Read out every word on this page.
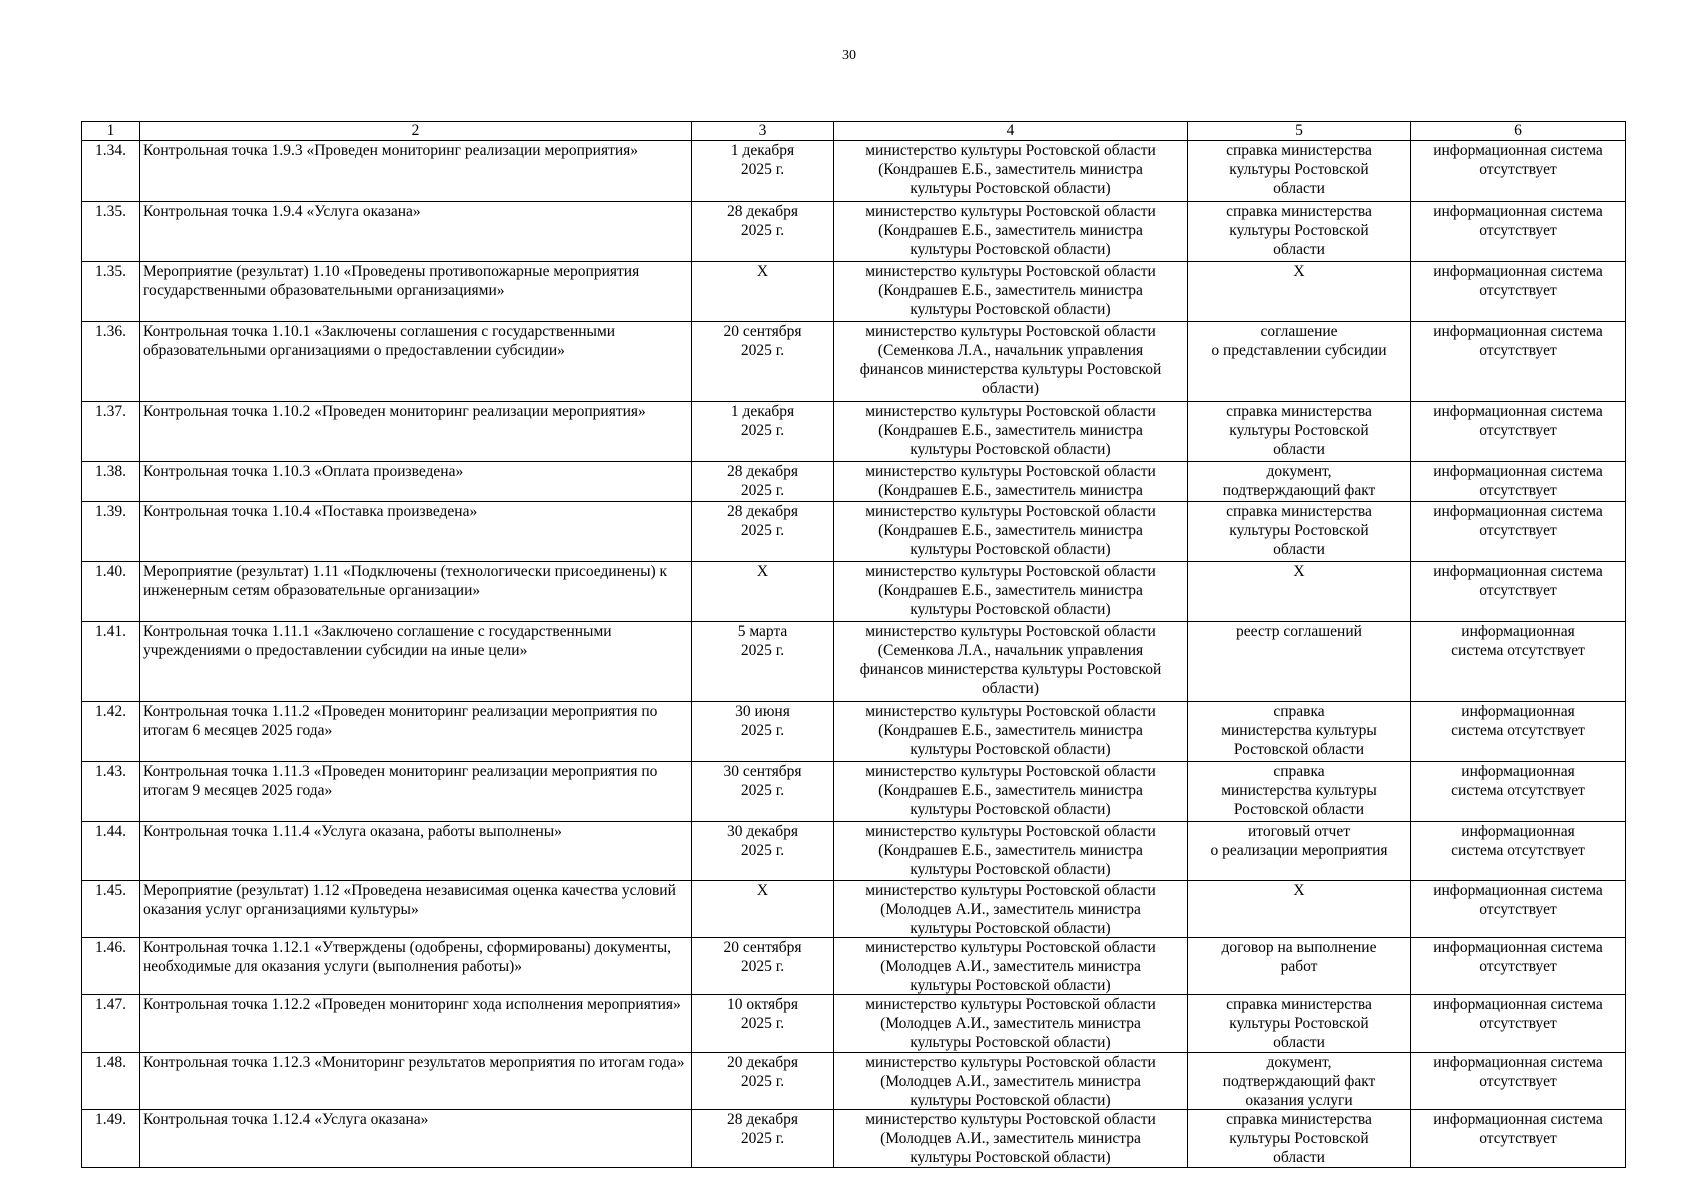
30
1	2	3	4	5	6

1.34.	Контрольная точка 1.9.3 «Проведен мониторинг реализации мероприятия»	1 декабря
2025 г.	министерство культуры Ростовской области
(Кондрашев Е.Б., заместитель министра
культуры Ростовской области)	справка министерства
культуры Ростовской
области	информационная система
отсутствует

1.35.	Контрольная точка 1.9.4 «Услуга оказана»	28 декабря
2025 г.	министерство культуры Ростовской области
(Кондрашев Е.Б., заместитель министра
культуры Ростовской области)	справка министерства
культуры Ростовской
области	информационная система
отсутствует

1.35.	Мероприятие (результат) 1.10 «Проведены противопожарные мероприятия государственными образовательными организациями»	Х	министерство культуры Ростовской области
(Кондрашев Е.Б., заместитель министра
культуры Ростовской области)	Х	информационная система
отсутствует

1.36.	Контрольная точка 1.10.1 «Заключены соглашения с государственными образовательными организациями о предоставлении субсидии»	20 сентября
2025 г.	министерство культуры Ростовской области
(Семенкова Л.А., начальник управления
финансов министерства культуры Ростовской
области)	соглашение
о представлении субсидии	информационная система
отсутствует

1.37.	Контрольная точка 1.10.2 «Проведен мониторинг реализации мероприятия»	1 декабря
2025 г.	министерство культуры Ростовской области
(Кондрашев Е.Б., заместитель министра
культуры Ростовской области)	справка министерства
культуры Ростовской
области	информационная система
отсутствует

1.38.	Контрольная точка 1.10.3 «Оплата произведена»	28 декабря
2025 г.	министерство культуры Ростовской области
(Кондрашев Е.Б., заместитель министра	документ,
подтверждающий факт	информационная система
отсутствует

1.39.	Контрольная точка 1.10.4 «Поставка произведена»	28 декабря
2025 г.	министерство культуры Ростовской области
(Кондрашев Е.Б., заместитель министра
культуры Ростовской области)	справка министерства
культуры Ростовской
области	информационная система
отсутствует

1.40.	Мероприятие (результат) 1.11 «Подключены (технологически присоединены) к инженерным сетям образовательные организации»	Х	министерство культуры Ростовской области
(Кондрашев Е.Б., заместитель министра
культуры Ростовской области)	Х	информационная система
отсутствует

1.41.	Контрольная точка 1.11.1 «Заключено соглашение с государственными учреждениями о предоставлении субсидии на иные цели»	5 марта
2025 г.	министерство культуры Ростовской области
(Семенкова Л.А., начальник управления
финансов министерства культуры Ростовской
области)	реестр соглашений	информационная
система отсутствует

1.42.	Контрольная точка 1.11.2 «Проведен мониторинг реализации мероприятия по итогам 6 месяцев 2025 года»	30 июня
2025 г.	министерство культуры Ростовской области
(Кондрашев Е.Б., заместитель министра
культуры Ростовской области)	справка
министерства культуры
Ростовской области	информационная
система отсутствует

1.43.	Контрольная точка 1.11.3 «Проведен мониторинг реализации мероприятия по итогам 9 месяцев 2025 года»	30 сентября
2025 г.	министерство культуры Ростовской области
(Кондрашев Е.Б., заместитель министра
культуры Ростовской области)	справка
министерства культуры
Ростовской области	информационная
система отсутствует

1.44.	Контрольная точка 1.11.4 «Услуга оказана, работы выполнены»	30 декабря
2025 г.	министерство культуры Ростовской области
(Кондрашев Е.Б., заместитель министра
культуры Ростовской области)	итоговый отчет
о реализации мероприятия	информационная
система отсутствует

1.45.	Мероприятие (результат) 1.12 «Проведена независимая оценка качества условий оказания услуг организациями культуры»	Х	министерство культуры Ростовской области
(Молодцев А.И., заместитель министра
культуры Ростовской области)	Х	информационная система
отсутствует

1.46.	Контрольная точка 1.12.1 «Утверждены (одобрены, сформированы) документы, необходимые для оказания услуги (выполнения работы)»	20 сентября
2025 г.	министерство культуры Ростовской области
(Молодцев А.И., заместитель министра
культуры Ростовской области)	договор на выполнение
работ	информационная система
отсутствует

1.47.	Контрольная точка 1.12.2 «Проведен мониторинг хода исполнения мероприятия»	10 октября
2025 г.	министерство культуры Ростовской области
(Молодцев А.И., заместитель министра
культуры Ростовской области)	справка министерства
культуры Ростовской
области	информационная система
отсутствует

1.48.	Контрольная точка 1.12.3 «Мониторинг результатов мероприятия по итогам года»	20 декабря
2025 г.	министерство культуры Ростовской области
(Молодцев А.И., заместитель министра
культуры Ростовской области)	документ,
подтверждающий факт
оказания услуги	информационная система
отсутствует

1.49.	Контрольная точка 1.12.4 «Услуга оказана»	28 декабря
2025 г.	министерство культуры Ростовской области
(Молодцев А.И., заместитель министра
культуры Ростовской области)	справка министерства
культуры Ростовской
области	информационная система
отсутствует
